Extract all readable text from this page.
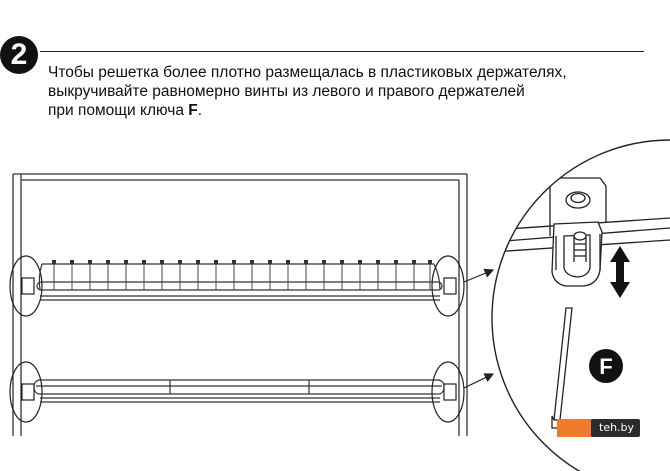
2
Чтобы решетка более плотно размещалась в пластиковых держателях,
выкручивайте равномерно винты из левого и правого держателей
при помощи ключа F.
F
teh.by
